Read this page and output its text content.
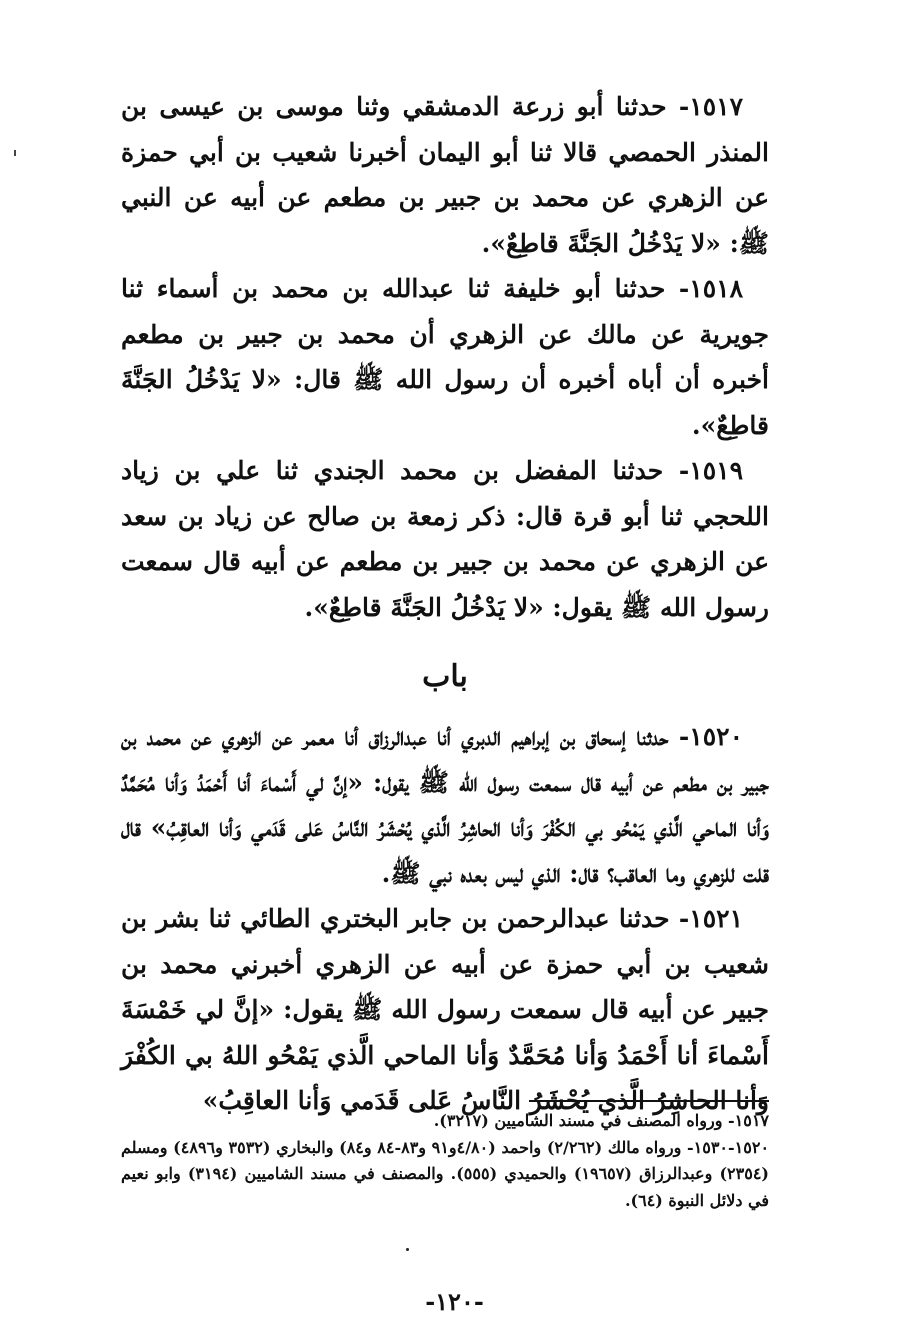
١٥١٧- حدثنا أبو زرعة الدمشقي وثنا موسى بن عيسى بن المنذر الحمصي قالا ثنا أبو اليمان أخبرنا شعيب بن أبي حمزة عن الزهري عن محمد بن جبير بن مطعم عن أبيه عن النبي ﷺ: «لا يَدْخُلُ الجَنَّةَ قاطِعٌ».

١٥١٨- حدثنا أبو خليفة ثنا عبدالله بن محمد بن أسماء ثنا جويرية عن مالك عن الزهري أن محمد بن جبير بن مطعم أخبره أن أباه أخبره أن رسول الله ﷺ قال: «لا يَدْخُلُ الجَنَّةَ قاطِعٌ».

١٥١٩- حدثنا المفضل بن محمد الجندي ثنا علي بن زياد اللحجي ثنا أبو قرة قال: ذكر زمعة بن صالح عن زياد بن سعد عن الزهري عن محمد بن جبير بن مطعم عن أبيه قال سمعت رسول الله ﷺ يقول: «لا يَدْخُلُ الجَنَّةَ قاطِعٌ».

باب

١٥٢٠- حدثنا إسحاق بن إبراهيم الدبري أنا عبدالرزاق أنا معمر عن الزهري عن محمد بن جبير بن مطعم عن أبيه قال سمعت رسول الله ﷺ يقول: «إنَّ لي أَسْماءَ أنا أَحْمَدُ وَأنا مُحَمَّدٌ وَأنا الماحي الَّذي يَمْحُو بي الكُفْرَ وَأنا الحاشِرُ الَّذي يُحْشَرُ النَّاسُ عَلى قَدَمي وَأنا العاقِبُ» قال قلت للزهري وما العاقب؟ قال: الذي ليس بعده نبي ﷺ.

١٥٢١- حدثنا عبدالرحمن بن جابر البختري الطائي ثنا بشر بن شعيب بن أبي حمزة عن أبيه عن الزهري أخبرني محمد بن جبير عن أبيه قال سمعت رسول الله ﷺ يقول: «إنَّ لي خَمْسَةَ أَسْماءَ أنا أَحْمَدُ وَأنا مُحَمَّدٌ وَأنا الماحي الَّذي يَمْحُو اللهُ بي الكُفْرَ وَأنا الحاشِرُ الَّذي يُحْشَرُ النَّاسُ عَلى قَدَمي وَأنا العاقِبُ»

١٥١٧- ورواه المصنف في مسند الشاميين (٣٢١٧).

١٥٢٠-١٥٣٠- ورواه مالك (٢/٢٦٢) واحمد (٤/٨٠و٩١ و٨٣-٨٤ و٨٤) والبخاري (٣٥٣٢ و٤٨٩٦) ومسلم (٢٣٥٤) وعبدالرزاق (١٩٦٥٧) والحميدي (٥٥٥). والمصنف في مسند الشاميين (٣١٩٤) وابو نعيم في دلائل النبوة (٦٤).

-١٢٠-
